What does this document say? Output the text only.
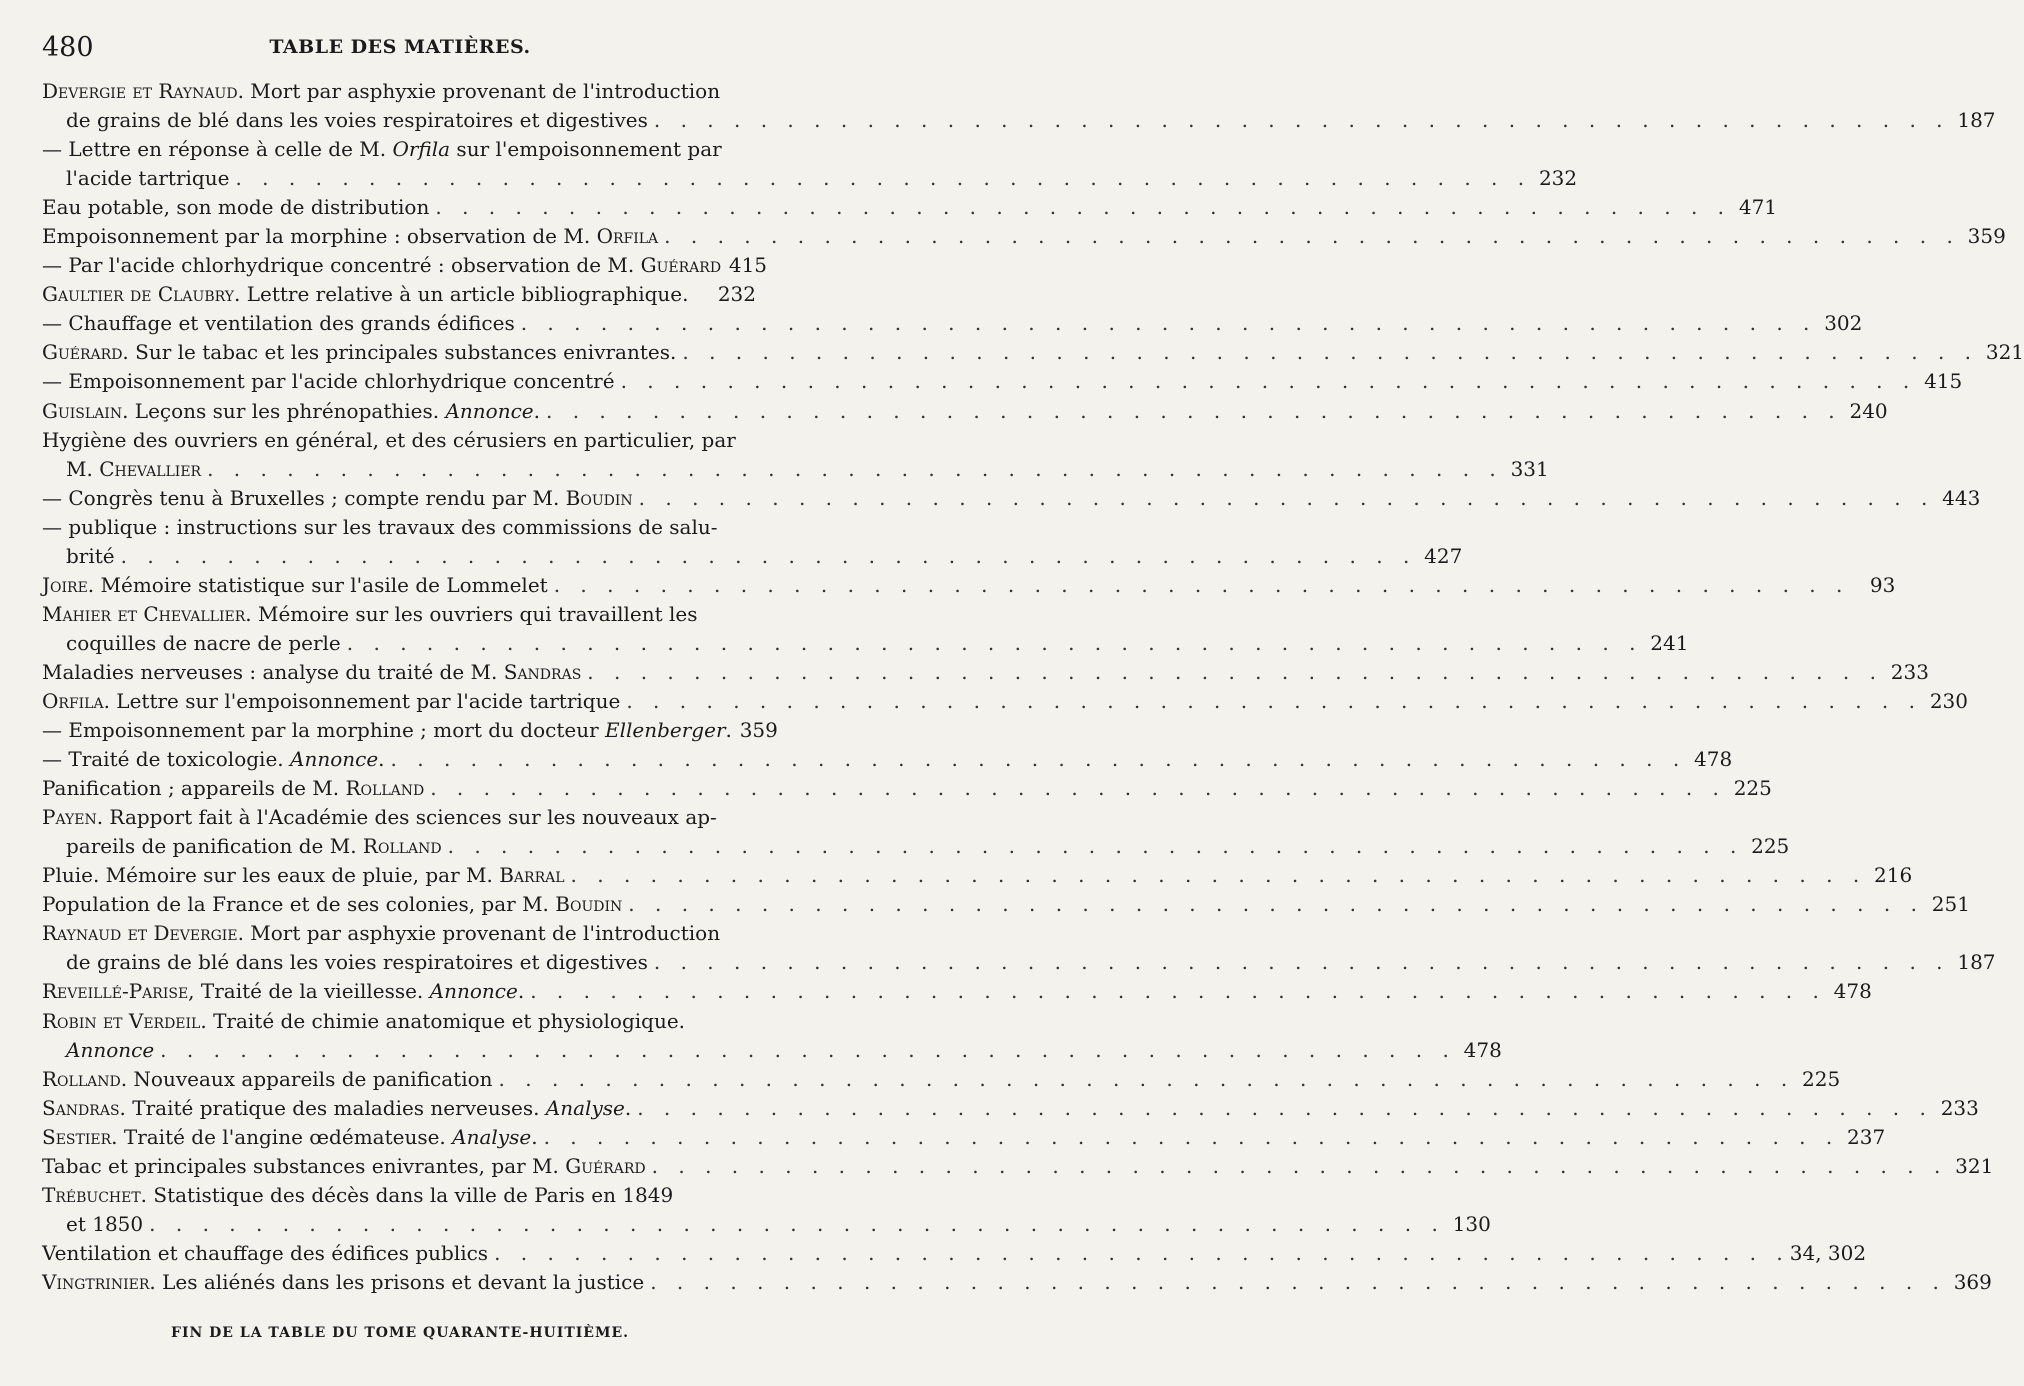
480	TABLE DES MATIÈRES.
Devergie et Raynaud. Mort par asphyxie provenant de l'introduction
de grains de blé dans les voies respiratoires et digestives . . .	187
— Lettre en réponse à celle de M. Orfila sur l'empoisonnement par
l'acide tartrique . . .	232
Eau potable, son mode de distribution . . .	471
Empoisonnement par la morphine : observation de M. Orfila . . .	359
— Par l'acide chlorhydrique concentré : observation de M. Guérard 415
Gaultier de Claubry. Lettre relative à un article bibliographique.	232
— Chauffage et ventilation des grands édifices . . .	302
Guérard. Sur le tabac et les principales substances enivrantes. . . .	321
— Empoisonnement par l'acide chlorhydrique concentré . . .	415
Guislain. Leçons sur les phrénopathies. Annonce. . . .	240
Hygiène des ouvriers en général, et des cérusiers en particulier, par
M. Chevallier . . .	331
— Congrès tenu à Bruxelles ; compte rendu par M. Boudin . . .	443
— publique : instructions sur les travaux des commissions de salu-
brité . . .	427
Joire. Mémoire statistique sur l'asile de Lommelet . . .	93
Mahier et Chevallier. Mémoire sur les ouvriers qui travaillent les
coquilles de nacre de perle . . .	241
Maladies nerveuses : analyse du traité de M. Sandras . . .	233
Orfila. Lettre sur l'empoisonnement par l'acide tartrique . . .	230
— Empoisonnement par la morphine ; mort du docteur Ellenberger. 359
— Traité de toxicologie. Annonce. . . .	478
Panification ; appareils de M. Rolland . . .	225
Payen. Rapport fait à l'Académie des sciences sur les nouveaux ap-
pareils de panification de M. Rolland . . .	225
Pluie. Mémoire sur les eaux de pluie, par M. Barral . . .	216
Population de la France et de ses colonies, par M. Boudin . . .	251
Raynaud et Devergie. Mort par asphyxie provenant de l'introduction
de grains de blé dans les voies respiratoires et digestives . . .	187
Reveillé-Parise, Traité de la vieillesse. Annonce. . . .	478
Robin et Verdeil. Traité de chimie anatomique et physiologique.
Annonce . . .	478
Rolland. Nouveaux appareils de panification . . .	225
Sandras. Traité pratique des maladies nerveuses. Analyse. . . .	233
Sestier. Traité de l'angine œdémateuse. Analyse. . . .	237
Tabac et principales substances enivrantes, par M. Guérard . . .	321
Trébuchet. Statistique des décès dans la ville de Paris en 1849
et 1850 . . .	130
Ventilation et chauffage des édifices publics . . .	34, 302
Vingtrinier. Les aliénés dans les prisons et devant la justice . . .	369
FIN DE LA TABLE DU TOME QUARANTE-HUITIÈME.
